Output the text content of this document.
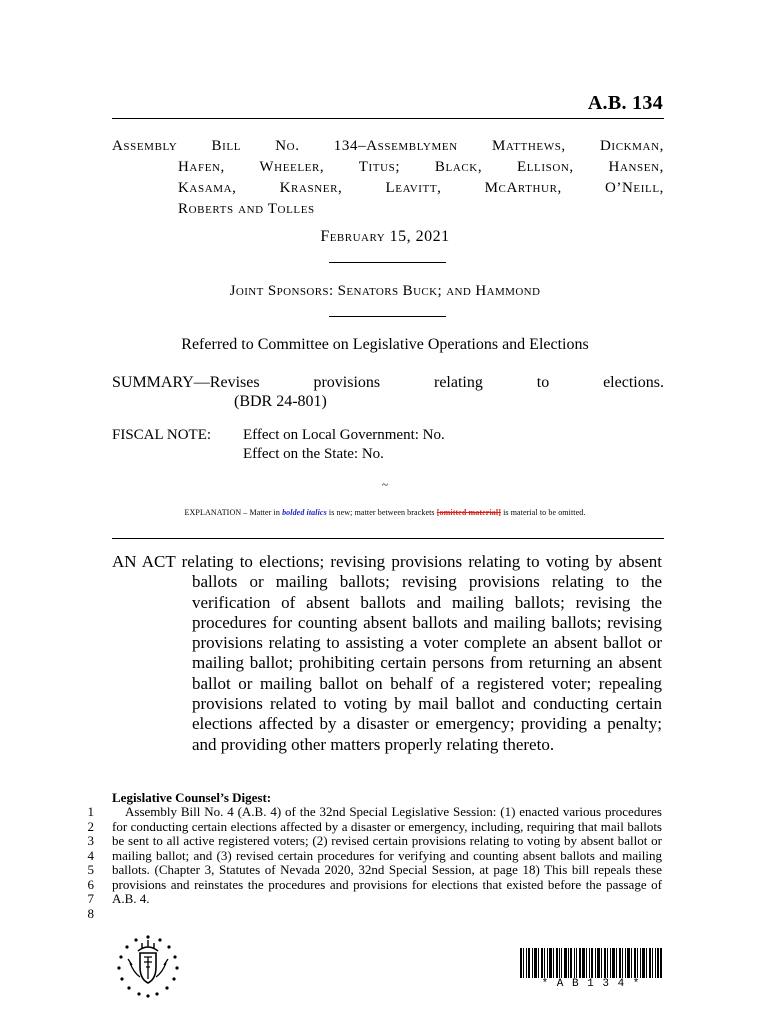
A.B. 134
Assembly Bill No. 134–Assemblymen Matthews, Dickman,
Hafen, Wheeler, Titus; Black, Ellison, Hansen,
Kasama, Krasner, Leavitt, McArthur, O’Neill,
Roberts and Tolles
February 15, 2021
Joint Sponsors: Senators Buck; and Hammond
Referred to Committee on Legislative Operations and Elections
SUMMARY—Revises	provisions	relating	to	elections.
(BDR 24-801)
FISCAL NOTE:	Effect on Local Government: No.
Effect on the State: No.
~
EXPLANATION – Matter in bolded italics is new; matter between brackets [omitted material] is material to be omitted.
AN ACT relating to elections; revising provisions relating to voting by absent ballots or mailing ballots; revising provisions relating to the verification of absent ballots and mailing ballots; revising the procedures for counting absent ballots and mailing ballots; revising provisions relating to assisting a voter complete an absent ballot or mailing ballot; prohibiting certain persons from returning an absent ballot or mailing ballot on behalf of a registered voter; repealing provisions related to voting by mail ballot and conducting certain elections affected by a disaster or emergency; providing a penalty; and providing other matters properly relating thereto.
Legislative Counsel’s Digest:
1
2
3
4
5
6
7
8
Assembly Bill No. 4 (A.B. 4) of the 32nd Special Legislative Session: (1) enacted various procedures for conducting certain elections affected by a disaster or emergency, including, requiring that mail ballots be sent to all active registered voters; (2) revised certain provisions relating to voting by absent ballot or mailing ballot; and (3) revised certain procedures for verifying and counting absent ballots and mailing ballots. (Chapter 3, Statutes of Nevada 2020, 32nd Special Session, at page 18) This bill repeals these provisions and reinstates the procedures and provisions for elections that existed before the passage of A.B. 4.
* A B 1 3 4 *
